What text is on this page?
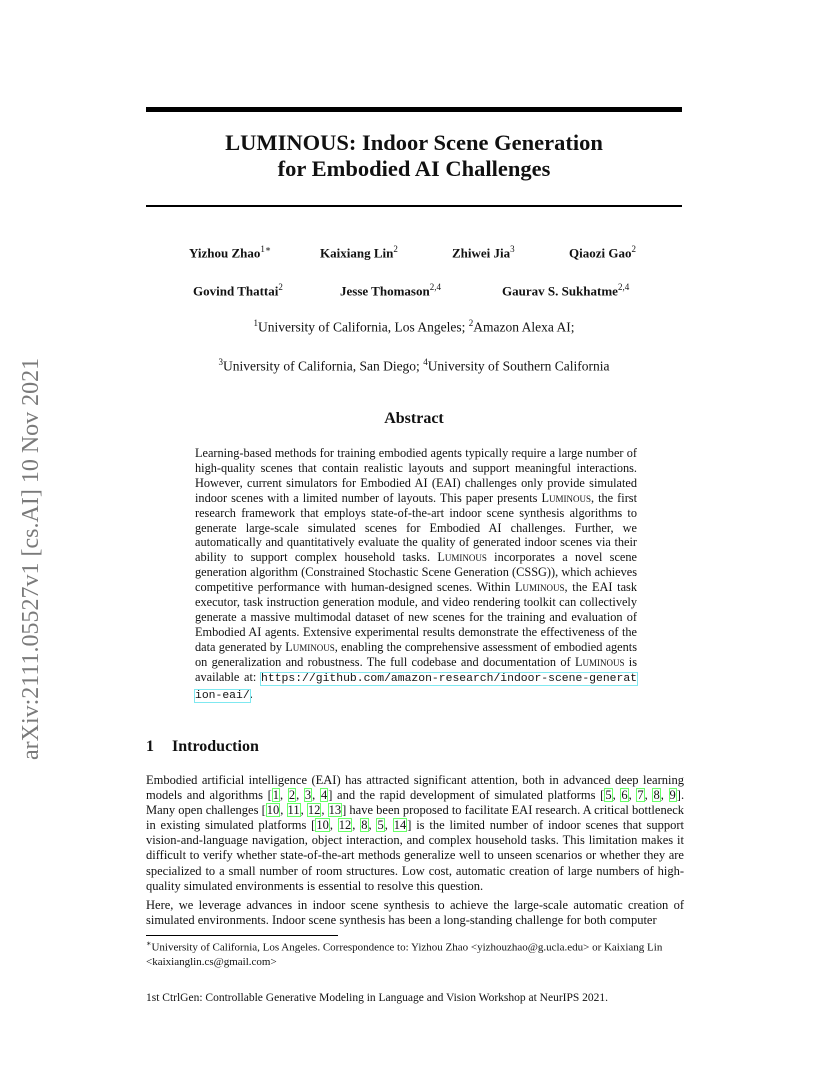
arXiv:2111.05527v1 [cs.AI] 10 Nov 2021
LUMINOUS: Indoor Scene Generation
for Embodied AI Challenges
Yizhou Zhao$^{1∗}$	Kaixiang Lin$^2$	Zhiwei Jia$^3$	Qiaozi Gao$^2$
Govind Thattai$^2$	Jesse Thomason$^{2,4}$	Gaurav S. Sukhatme$^{2,4}$
$^1$University of California, Los Angeles; $^2$Amazon Alexa AI;
$^3$University of California, San Diego; $^4$University of Southern California
Abstract
Learning-based methods for training embodied agents typically require a large number of high-quality scenes that contain realistic layouts and support meaningful interactions. However, current simulators for Embodied AI (EAI) challenges only provide simulated indoor scenes with a limited number of layouts. This paper presents Luminous, the first research framework that employs state-of-the-art indoor scene synthesis algorithms to generate large-scale simulated scenes for Embodied AI challenges. Further, we automatically and quantitatively evaluate the quality of generated indoor scenes via their ability to support complex household tasks. Luminous incorporates a novel scene generation algorithm (Constrained Stochastic Scene Generation (CSSG)), which achieves competitive performance with human-designed scenes. Within Luminous, the EAI task executor, task instruction generation module, and video rendering toolkit can collectively generate a massive multimodal dataset of new scenes for the training and evaluation of Embodied AI agents. Extensive experimental results demonstrate the effectiveness of the data generated by Luminous, enabling the comprehensive assessment of embodied agents on generalization and robustness. The full codebase and documentation of Luminous is available at: https://github.com/amazon-research/indoor-scene-generation-eai/.
1 Introduction
Embodied artificial intelligence (EAI) has attracted significant attention, both in advanced deep learning models and algorithms [1, 2, 3, 4] and the rapid development of simulated platforms [5, 6, 7, 8, 9]. Many open challenges [10, 11, 12, 13] have been proposed to facilitate EAI research. A critical bottleneck in existing simulated platforms [10, 12, 8, 5, 14] is the limited number of indoor scenes that support vision-and-language navigation, object interaction, and complex household tasks. This limitation makes it difficult to verify whether state-of-the-art methods generalize well to unseen scenarios or whether they are specialized to a small number of room structures. Low cost, automatic creation of large numbers of high-quality simulated environments is essential to resolve this question.
Here, we leverage advances in indoor scene synthesis to achieve the large-scale automatic creation of simulated environments. Indoor scene synthesis has been a long-standing challenge for both computer
∗University of California, Los Angeles. Correspondence to: Yizhou Zhao <yizhouzhao@g.ucla.edu> or Kaixiang Lin <kaixianglin.cs@gmail.com>
1st CtrlGen: Controllable Generative Modeling in Language and Vision Workshop at NeurIPS 2021.
